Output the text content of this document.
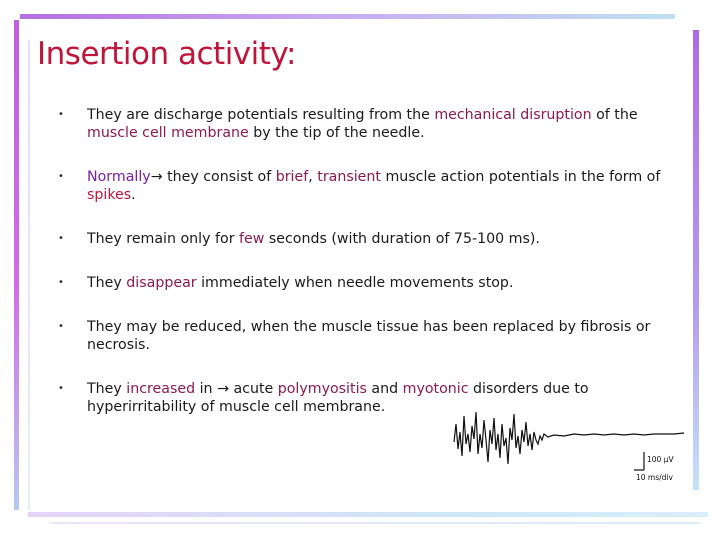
Insertion activity:
• They are discharge potentials resulting from the mechanical disruption of the muscle cell membrane by the tip of the needle.
• Normally→ they consist of brief, transient muscle action potentials in the form of spikes.
• They remain only for few seconds (with duration of 75-100 ms).
• They disappear immediately when needle movements stop.
• They may be reduced, when the muscle tissue has been replaced by fibrosis or necrosis.
• They increased in → acute polymyositis and myotonic disorders due to hyperirritability of muscle cell membrane.
100 µV
10 ms/div
